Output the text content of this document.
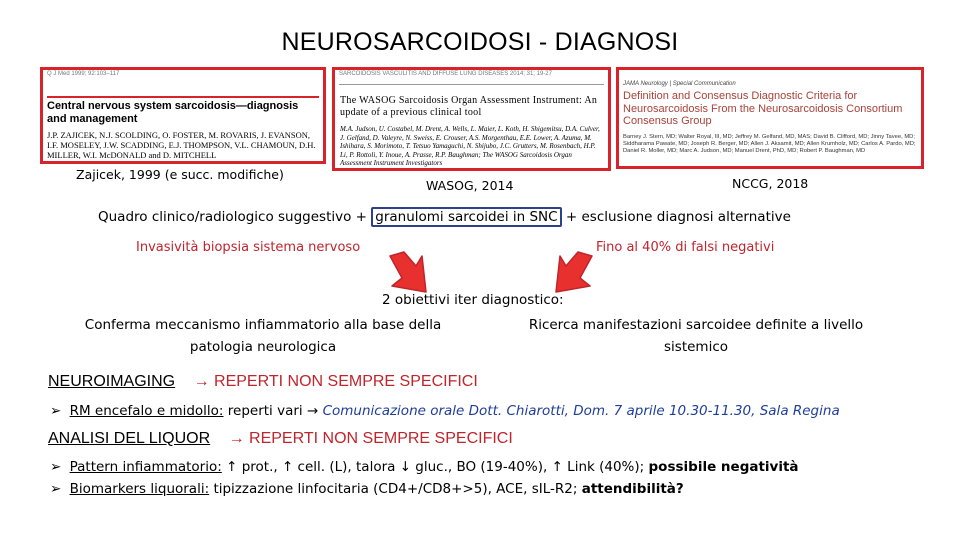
NEUROSARCOIDOSI - DIAGNOSI
Q J Med 1999; 92:103–117
Central nervous system sarcoidosis—diagnosis and management
J.P. ZAJICEK, N.J. SCOLDING, O. FOSTER, M. ROVARIS, J. EVANSON, I.F. MOSELEY, J.W. SCADDING, E.J. THOMPSON, V.L. CHAMOUN, D.H. MILLER, W.I. McDONALD and D. MITCHELL
Zajicek, 1999 (e succ. modifiche)
SARCOIDOSIS VASCULITIS AND DIFFUSE LUNG DISEASES 2014; 31; 19-27
The WASOG Sarcoidosis Organ Assessment Instrument: An update of a previous clinical tool
M.A. Judson, U. Costabel, M. Drent, A. Wells, L. Maier, L. Koth, H. Shigemitsu, D.A. Culver, J. Gelfand, D. Valeyre, N. Sweiss, E. Crouser, A.S. Morgenthau, E.E. Lower, A. Azuma, M. Ishihara, S. Morimoto, T. Tetsuo Yamaguchi, N. Shijubo, J.C. Grutters, M. Rosenbach, H.P. Li, P. Rottoli, Y. Inoue, A. Prasse, R.P. Baughman; The WASOG Sarcoidosis Organ Assessment Instrument Investigators
WASOG, 2014

JAMA Neurology | Special Communication
Definition and Consensus Diagnostic Criteria for Neurosarcoidosis From the Neurosarcoidosis Consortium Consensus Group
Barney J. Stern, MD; Walter Royal, III, MD; Jeffrey M. Gelfand, MD, MAS; David B. Clifford, MD; Jinny Tavee, MD; Siddharama Pawate, MD; Joseph R. Berger, MD; Allen J. Aksamit, MD; Allen Krumholz, MD; Carlos A. Pardo, MD; Daniel R. Moller, MD; Marc A. Judson, MD; Manuel Drent, PhD, MD; Robert P. Baughman, MD
NCCG, 2018
Quadro clinico/radiologico suggestivo + granulomi sarcoidei in SNC + esclusione diagnosi alternative
Invasività biopsia sistema nervoso	Fino al 40% di falsi negativi
2 obiettivi iter diagnostico:
Conferma meccanismo infiammatorio alla base della patologia neurologica
Ricerca manifestazioni sarcoidee definite a livello sistemico
NEUROIMAGING → REPERTI NON SEMPRE SPECIFICI
➢ RM encefalo e midollo: reperti vari → Comunicazione orale Dott. Chiarotti, Dom. 7 aprile 10.30-11.30, Sala Regina
ANALISI DEL LIQUOR → REPERTI NON SEMPRE SPECIFICI
➢ Pattern infiammatorio: ↑ prot., ↑ cell. (L), talora ↓ gluc., BO (19-40%), ↑ Link (40%); possibile negatività
➢ Biomarkers liquorali: tipizzazione linfocitaria (CD4+/CD8+>5), ACE, sIL-R2; attendibilità?
